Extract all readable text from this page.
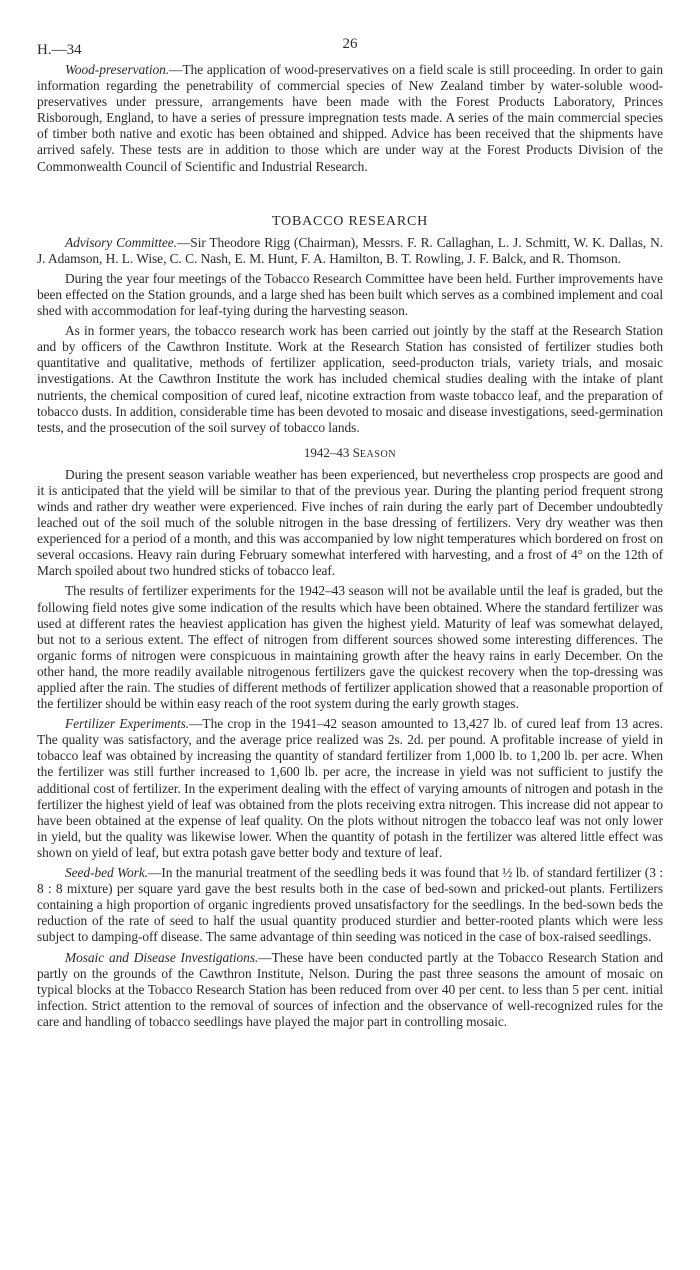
H.—34	26

Wood-preservation.—The application of wood-preservatives on a field scale is still proceeding. In order to gain information regarding the penetrability of commercial species of New Zealand timber by water-soluble wood-preservatives under pressure, arrangements have been made with the Forest Products Laboratory, Princes Risborough, England, to have a series of pressure impregnation tests made. A series of the main commercial species of timber both native and exotic has been obtained and shipped. Advice has been received that the shipments have arrived safely. These tests are in addition to those which are under way at the Forest Products Division of the Commonwealth Council of Scientific and Industrial Research.

TOBACCO RESEARCH

Advisory Committee.—Sir Theodore Rigg (Chairman), Messrs. F. R. Callaghan, L. J. Schmitt, W. K. Dallas, N. J. Adamson, H. L. Wise, C. C. Nash, E. M. Hunt, F. A. Hamilton, B. T. Rowling, J. F. Balck, and R. Thomson.

During the year four meetings of the Tobacco Research Committee have been held. Further improvements have been effected on the Station grounds, and a large shed has been built which serves as a combined implement and coal shed with accommodation for leaf-tying during the harvesting season.

As in former years, the tobacco research work has been carried out jointly by the staff at the Research Station and by officers of the Cawthron Institute. Work at the Research Station has consisted of fertilizer studies both quantitative and qualitative, methods of fertilizer application, seed-producton trials, variety trials, and mosaic investigations. At the Cawthron Institute the work has included chemical studies dealing with the intake of plant nutrients, the chemical composition of cured leaf, nicotine extraction from waste tobacco leaf, and the preparation of tobacco dusts. In addition, considerable time has been devoted to mosaic and disease investigations, seed-germination tests, and the prosecution of the soil survey of tobacco lands.

1942–43 SEASON

During the present season variable weather has been experienced, but nevertheless crop prospects are good and it is anticipated that the yield will be similar to that of the previous year. During the planting period frequent strong winds and rather dry weather were experienced. Five inches of rain during the early part of December undoubtedly leached out of the soil much of the soluble nitrogen in the base dressing of fertilizers. Very dry weather was then experienced for a period of a month, and this was accompanied by low night temperatures which bordered on frost on several occasions. Heavy rain during February somewhat interfered with harvesting, and a frost of 4° on the 12th of March spoiled about two hundred sticks of tobacco leaf.

The results of fertilizer experiments for the 1942–43 season will not be available until the leaf is graded, but the following field notes give some indication of the results which have been obtained. Where the standard fertilizer was used at different rates the heaviest application has given the highest yield. Maturity of leaf was somewhat delayed, but not to a serious extent. The effect of nitrogen from different sources showed some interesting differences. The organic forms of nitrogen were conspicuous in maintaining growth after the heavy rains in early December. On the other hand, the more readily available nitrogenous fertilizers gave the quickest recovery when the top-dressing was applied after the rain. The studies of different methods of fertilizer application showed that a reasonable proportion of the fertilizer should be within easy reach of the root system during the early growth stages.

Fertilizer Experiments.—The crop in the 1941–42 season amounted to 13,427 lb. of cured leaf from 13 acres. The quality was satisfactory, and the average price realized was 2s. 2d. per pound. A profitable increase of yield in tobacco leaf was obtained by increasing the quantity of standard fertilizer from 1,000 lb. to 1,200 lb. per acre. When the fertilizer was still further increased to 1,600 lb. per acre, the increase in yield was not sufficient to justify the additional cost of fertilizer. In the experiment dealing with the effect of varying amounts of nitrogen and potash in the fertilizer the highest yield of leaf was obtained from the plots receiving extra nitrogen. This increase did not appear to have been obtained at the expense of leaf quality. On the plots without nitrogen the tobacco leaf was not only lower in yield, but the quality was likewise lower. When the quantity of potash in the fertilizer was altered little effect was shown on yield of leaf, but extra potash gave better body and texture of leaf.

Seed-bed Work.—In the manurial treatment of the seedling beds it was found that ½ lb. of standard fertilizer (3 : 8 : 8 mixture) per square yard gave the best results both in the case of bed-sown and pricked-out plants. Fertilizers containing a high proportion of organic ingredients proved unsatisfactory for the seedlings. In the bed-sown beds the reduction of the rate of seed to half the usual quantity produced sturdier and better-rooted plants which were less subject to damping-off disease. The same advantage of thin seeding was noticed in the case of box-raised seedlings.

Mosaic and Disease Investigations.—These have been conducted partly at the Tobacco Research Station and partly on the grounds of the Cawthron Institute, Nelson. During the past three seasons the amount of mosaic on typical blocks at the Tobacco Research Station has been reduced from over 40 per cent. to less than 5 per cent. initial infection. Strict attention to the removal of sources of infection and the observance of well-recognized rules for the care and handling of tobacco seedlings have played the major part in controlling mosaic.
